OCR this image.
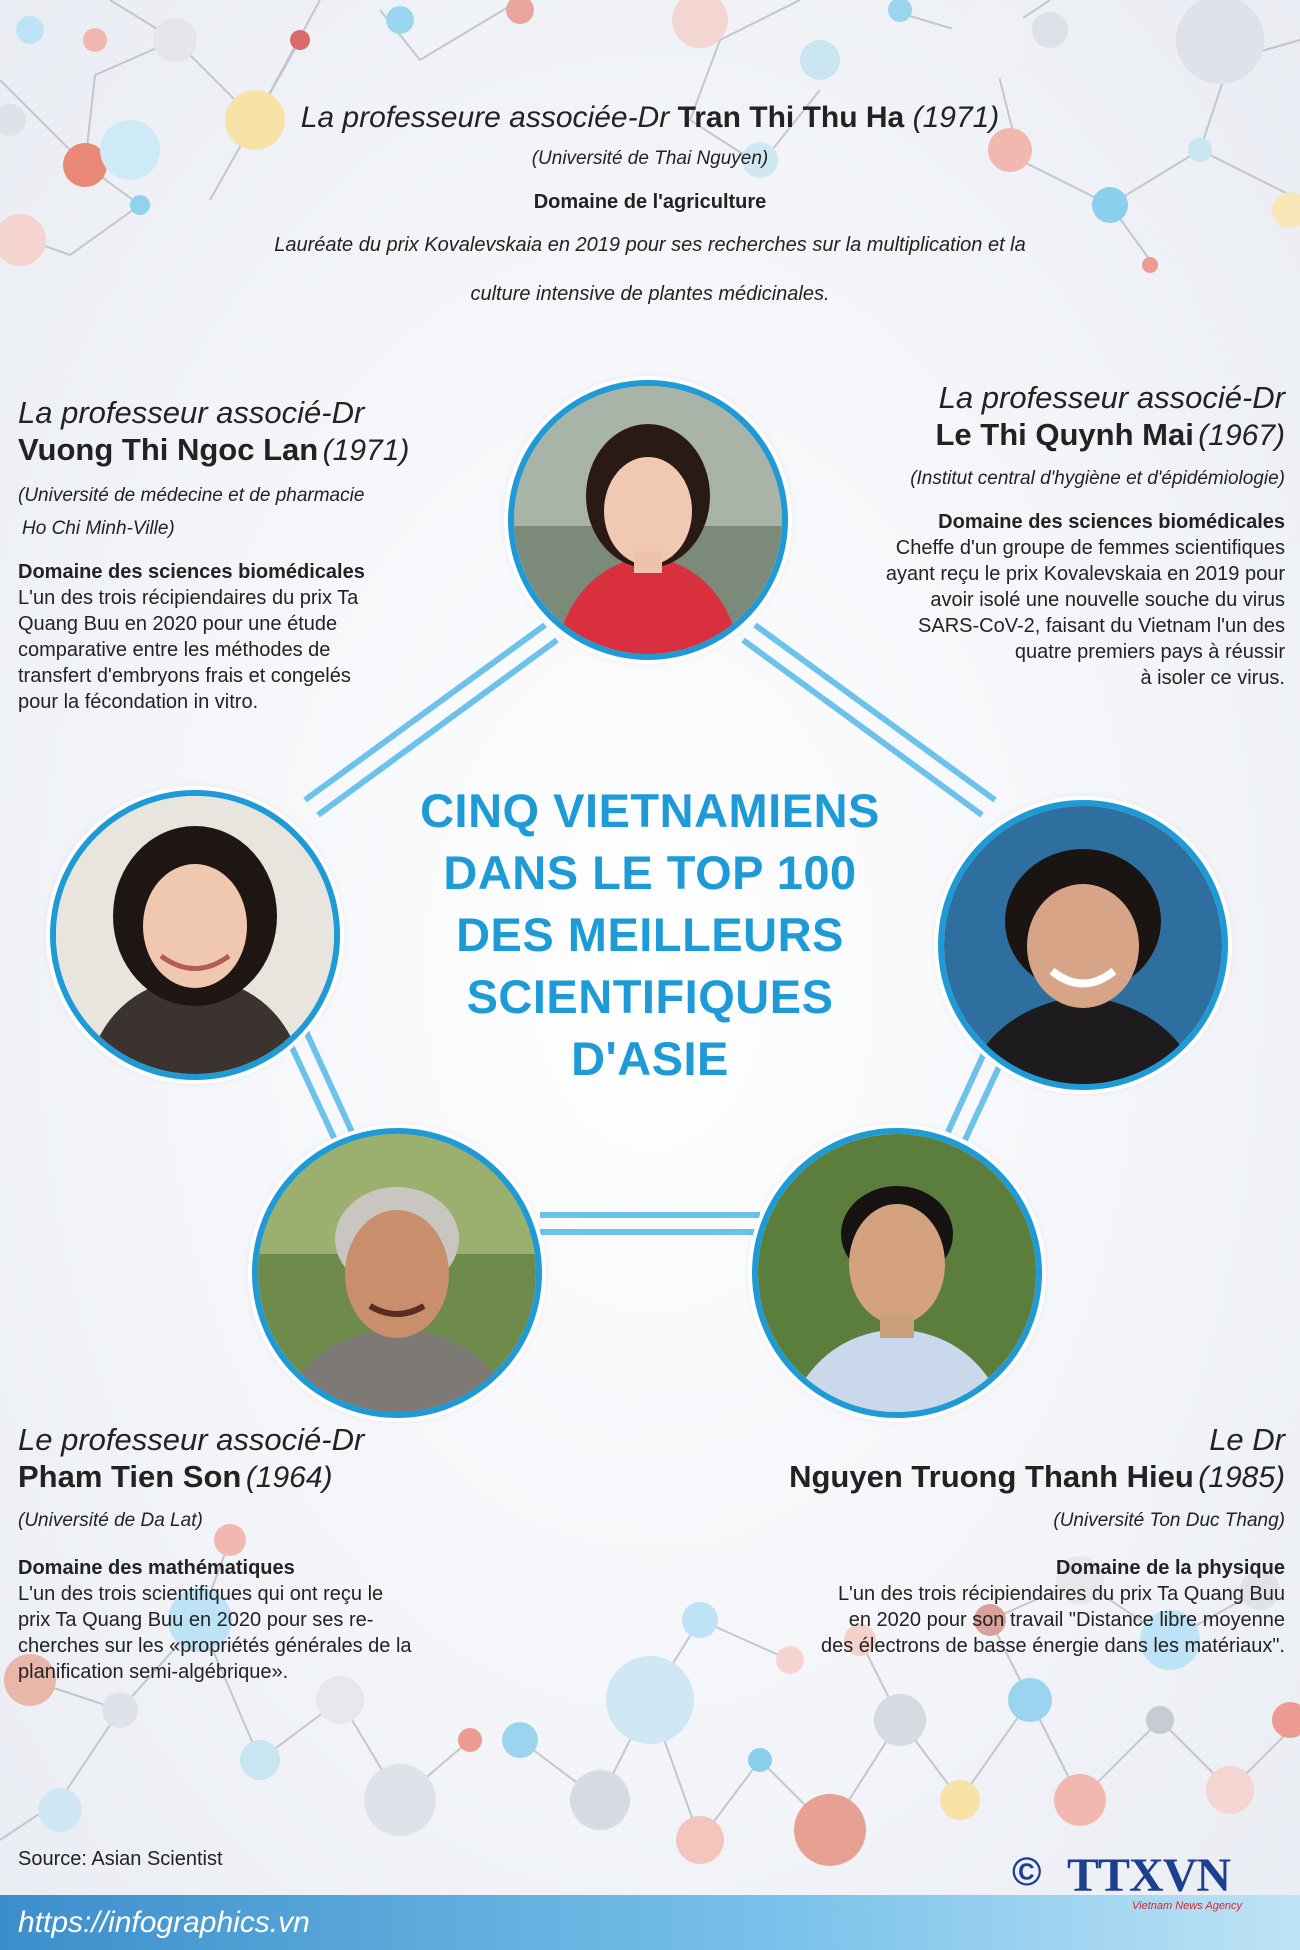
La professeure associée-Dr Tran Thi Thu Ha (1971)
(Université de Thai Nguyen)
Domaine de l'agriculture
Lauréate du prix Kovalevskaia en 2019 pour ses recherches sur la multiplication et la
culture intensive de plantes médicinales.
La professeur associé-Dr
Vuong Thi Ngoc Lan (1971)
(Université de médecine et de pharmacie
Ho Chi Minh-Ville)
Domaine des sciences biomédicales
L'un des trois récipiendaires du prix Ta
Quang Buu en 2020 pour une étude
comparative entre les méthodes de
transfert d'embryons frais et congelés
pour la fécondation in vitro.
La professeur associé-Dr
Le Thi Quynh Mai (1967)
(Institut central d'hygiène et d'épidémiologie)
Domaine des sciences biomédicales
Cheffe d'un groupe de femmes scientifiques
ayant reçu le prix Kovalevskaia en 2019 pour
avoir isolé une nouvelle souche du virus
SARS-CoV-2, faisant du Vietnam l'un des
quatre premiers pays à réussir
à isoler ce virus.
CINQ VIETNAMIENS
DANS LE TOP 100
DES MEILLEURS
SCIENTIFIQUES
D'ASIE
Le professeur associé-Dr
Pham Tien Son (1964)
(Université de Da Lat)
Domaine des mathématiques
L'un des trois scientifiques qui ont reçu le
prix Ta Quang Buu en 2020 pour ses re-
cherches sur les «propriétés générales de la
planification semi-algébrique».
Le Dr
Nguyen Truong Thanh Hieu (1985)
(Université Ton Duc Thang)
Domaine de la physique
L'un des trois récipiendaires du prix Ta Quang Buu
en 2020 pour son travail "Distance libre moyenne
des électrons de basse énergie dans les matériaux".
Source: Asian Scientist
https://infographics.vn
© TTXVN
Vietnam News Agency
